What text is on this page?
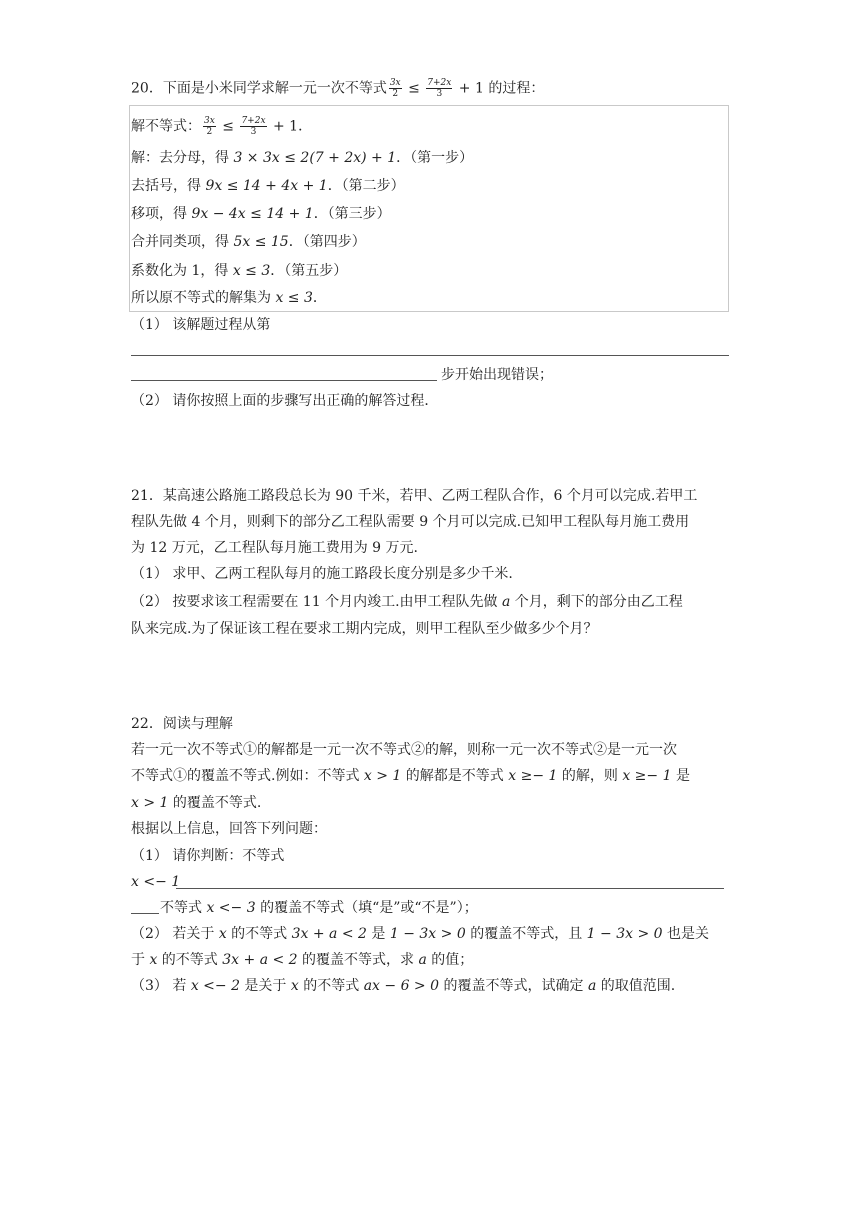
20．下面是小米同学求解一元一次不等式 $\frac{3x}{2} \le \frac{7+2x}{3} + 1$ 的过程：
解不等式： $\frac{3x}{2} \le \frac{7+2x}{3} + 1$．
解：去分母，得 3 × 3x ≤ 2(7 + 2x) + 1．（第一步）
去括号，得 9x ≤ 14 + 4x + 1．（第二步）
移项，得 9x − 4x ≤ 14 + 1．（第三步）
合并同类项，得 5x ≤ 15．（第四步）
系数化为 1，得 x ≤ 3．（第五步）
所以原不等式的解集为 x ≤ 3．
（1） 该解题过程从第
步开始出现错误；
（2） 请你按照上面的步骤写出正确的解答过程．
21．某高速公路施工路段总长为 90 千米，若甲、乙两工程队合作，6 个月可以完成.若甲工
程队先做 4 个月，则剩下的部分乙工程队需要 9 个月可以完成.已知甲工程队每月施工费用
为 12 万元，乙工程队每月施工费用为 9 万元.
（1） 求甲、乙两工程队每月的施工路段长度分别是多少千米.
（2） 按要求该工程需要在 11 个月内竣工.由甲工程队先做 a 个月，剩下的部分由乙工程
队来完成.为了保证该工程在要求工期内完成，则甲工程队至少做多少个月？
22．阅读与理解
若一元一次不等式①的解都是一元一次不等式②的解，则称一元一次不等式②是一元一次
不等式①的覆盖不等式.例如：不等式 x > 1 的解都是不等式 x ≥− 1 的解，则 x ≥− 1 是
x > 1 的覆盖不等式.
根据以上信息，回答下列问题：
（1） 请你判断：不等式
x <− 1
不等式 x <− 3 的覆盖不等式（填“是”或“不是”）；
（2） 若关于 x 的不等式 3x + a < 2 是 1 − 3x > 0 的覆盖不等式，且 1 − 3x > 0 也是关
于 x 的不等式 3x + a < 2 的覆盖不等式，求 a 的值；
（3） 若 x <− 2 是关于 x 的不等式 ax − 6 > 0 的覆盖不等式，试确定 a 的取值范围.
